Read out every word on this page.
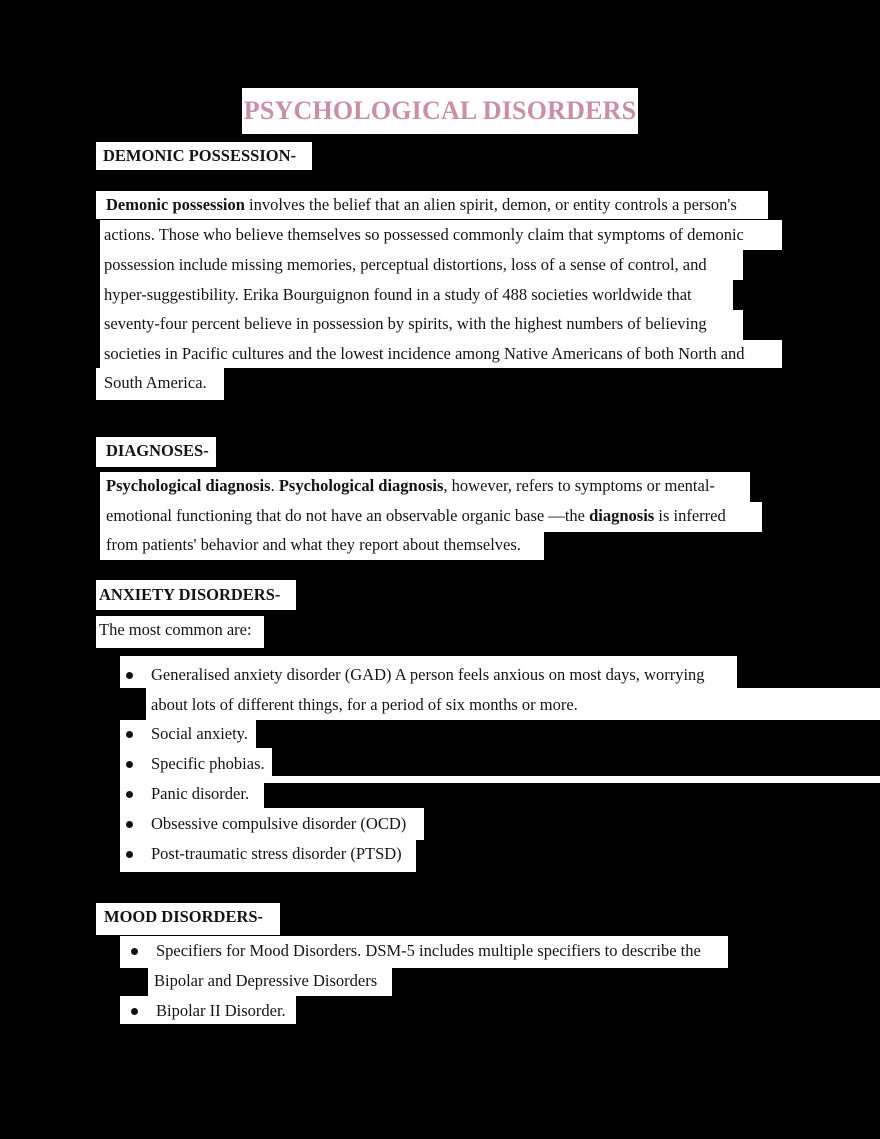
PSYCHOLOGICAL DISORDERS
DEMONIC POSSESSION-
Demonic possession involves the belief that an alien spirit, demon, or entity controls a person's
actions. Those who believe themselves so possessed commonly claim that symptoms of demonic
possession include missing memories, perceptual distortions, loss of a sense of control, and
hyper-suggestibility. Erika Bourguignon found in a study of 488 societies worldwide that
seventy-four percent believe in possession by spirits, with the highest numbers of believing
societies in Pacific cultures and the lowest incidence among Native Americans of both North and
South America.
DIAGNOSES-
Psychological diagnosis. Psychological diagnosis, however, refers to symptoms or mental-
emotional functioning that do not have an observable organic base —the diagnosis is inferred
from patients' behavior and what they report about themselves.
ANXIETY DISORDERS-
The most common are:
Generalised anxiety disorder (GAD) A person feels anxious on most days, worrying
about lots of different things, for a period of six months or more.
Social anxiety.
Specific phobias.
Panic disorder.
Obsessive compulsive disorder (OCD)
Post-traumatic stress disorder (PTSD)
MOOD DISORDERS-
Specifiers for Mood Disorders. DSM-5 includes multiple specifiers to describe the
Bipolar and Depressive Disorders
Bipolar II Disorder.
